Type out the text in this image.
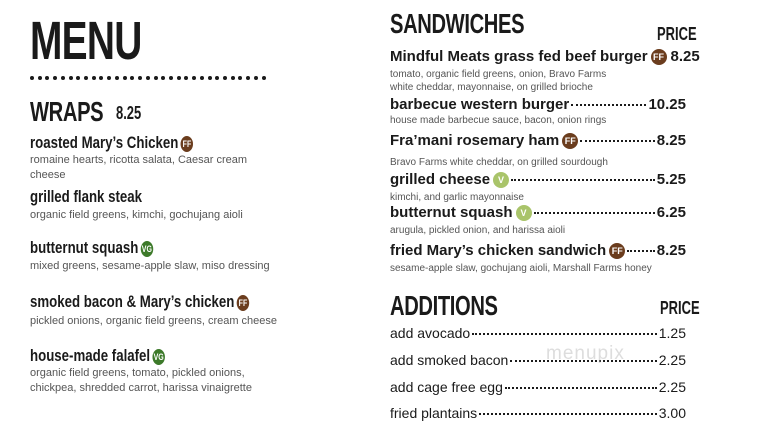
MENU
WRAPS 8.25
roasted Mary’s Chicken FF
romaine hearts, ricotta salata, Caesar cream cheese
grilled flank steak
organic field greens, kimchi, gochujang aioli
butternut squash VG
mixed greens, sesame-apple slaw, miso dressing
smoked bacon & Mary’s chicken FF
pickled onions, organic field greens, cream cheese
house-made falafel VG
organic field greens, tomato, pickled onions, chickpea, shredded carrot, harissa vinaigrette
SANDWICHES	PRICE
Mindful Meats grass fed beef burger FF 8.25
tomato, organic field greens, onion, Bravo Farms
white cheddar, mayonnaise, on grilled brioche
barbecue western burger	10.25
house made barbecue sauce, bacon, onion rings
Fra’mani rosemary ham FF	8.25
Bravo Farms white cheddar, on grilled sourdough
grilled cheese V	5.25
kimchi, and garlic mayonnaise
butternut squash V	6.25
arugula, pickled onion, and harissa aioli
fried Mary’s chicken sandwich FF 8.25
sesame-apple slaw, gochujang aioli, Marshall Farms honey
ADDITIONS	PRICE
add avocado	1.25
add smoked bacon	2.25
add cage free egg	2.25
fried plantains	3.00
menupix
